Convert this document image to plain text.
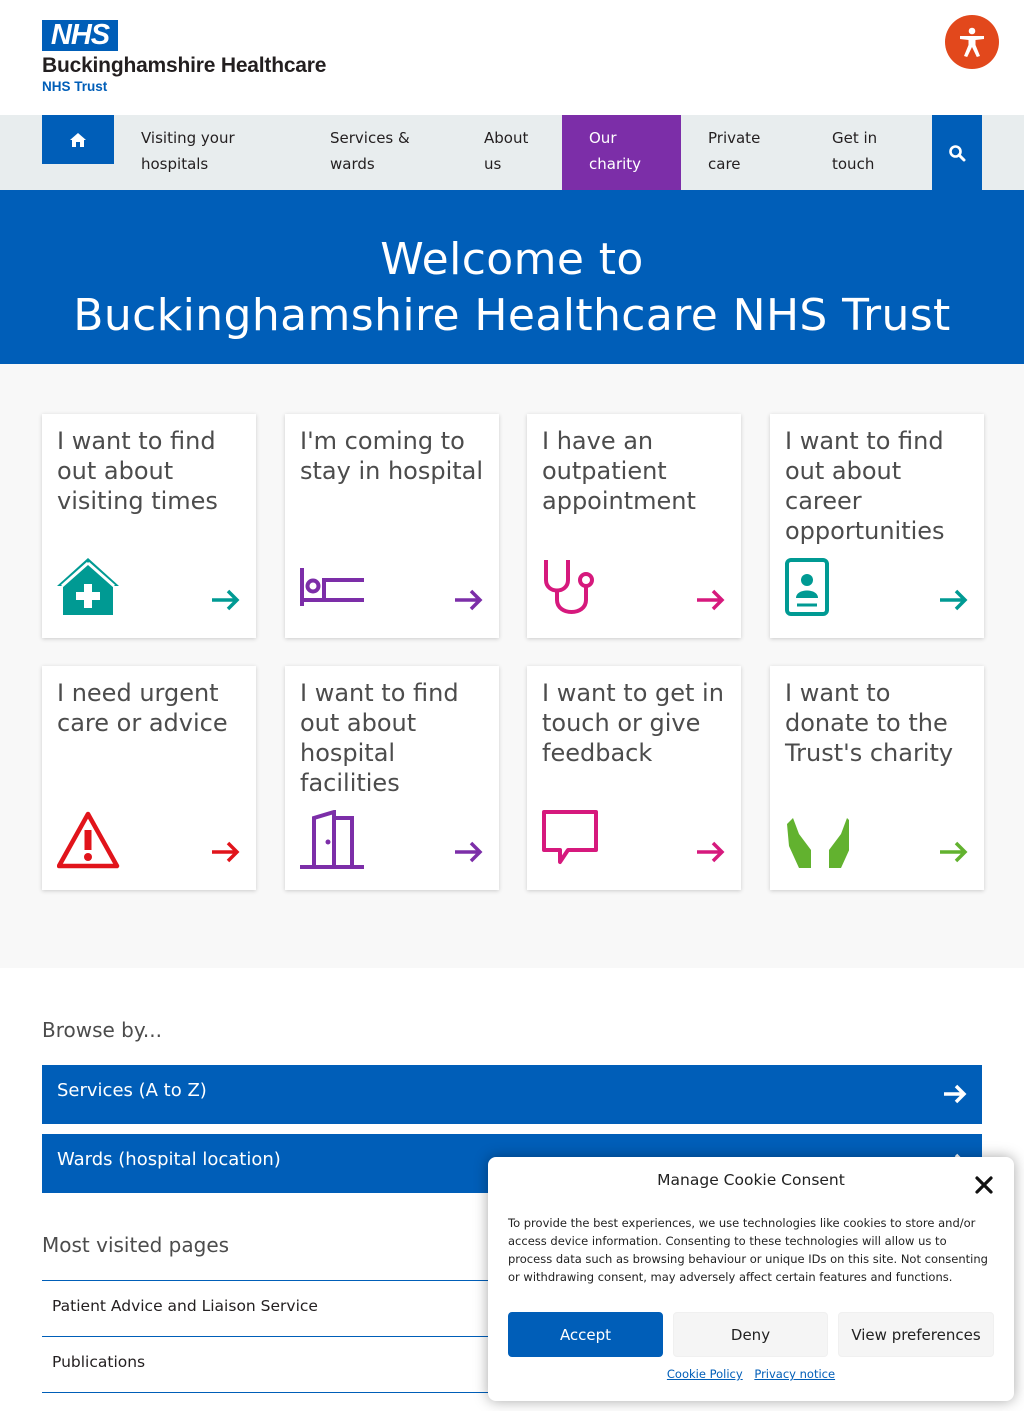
NHS
Buckinghamshire Healthcare
NHS Trust
Visiting your
hospitals
Services &
wards
About
us
Our
charity
Private
care
Get in
touch
Welcome to
Buckinghamshire Healthcare NHS Trust
I want to find out about visiting times
I'm coming to stay in hospital
I have an outpatient appointment
I want to find out about career opportunities
I need urgent care or advice
I want to find out about hospital facilities
I want to get in touch or give feedback
I want to donate to the Trust's charity
Browse by...
Services (A to Z)
Wards (hospital location)
Most visited pages
Patient Advice and Liaison Service
Publications
Manage Cookie Consent
To provide the best experiences, we use technologies like cookies to store and/or access device information. Consenting to these technologies will allow us to process data such as browsing behaviour or unique IDs on this site. Not consenting or withdrawing consent, may adversely affect certain features and functions.
Accept	Deny	View preferences
Cookie Policy Privacy notice
